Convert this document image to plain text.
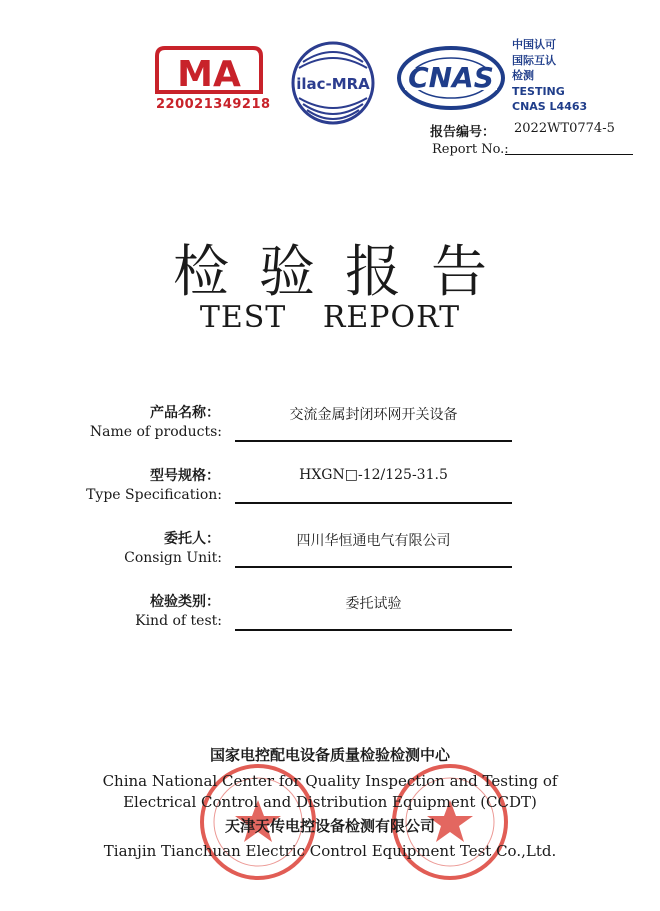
MA
220021349218
ilac-MRA CNAS
中国认可
国际互认
检测
TESTING
CNAS L4463
报告编号： 2022WT0774-5
Report No.:
检验报告
TEST REPORT
产品名称：
Name of products:
交流金属封闭环网开关设备
型号规格：
Type Specification:
HXGN□-12/125-31.5
委托人：
Consign Unit:
四川华恒通电气有限公司
检验类别：
Kind of test:
委托试验
国家电控配电设备质量检验检测中心
China National Center for Quality Inspection and Testing of
Electrical Control and Distribution Equipment (CCDT)
天津天传电控设备检测有限公司
Tianjin Tianchuan Electric Control Equipment Test Co.,Ltd.
